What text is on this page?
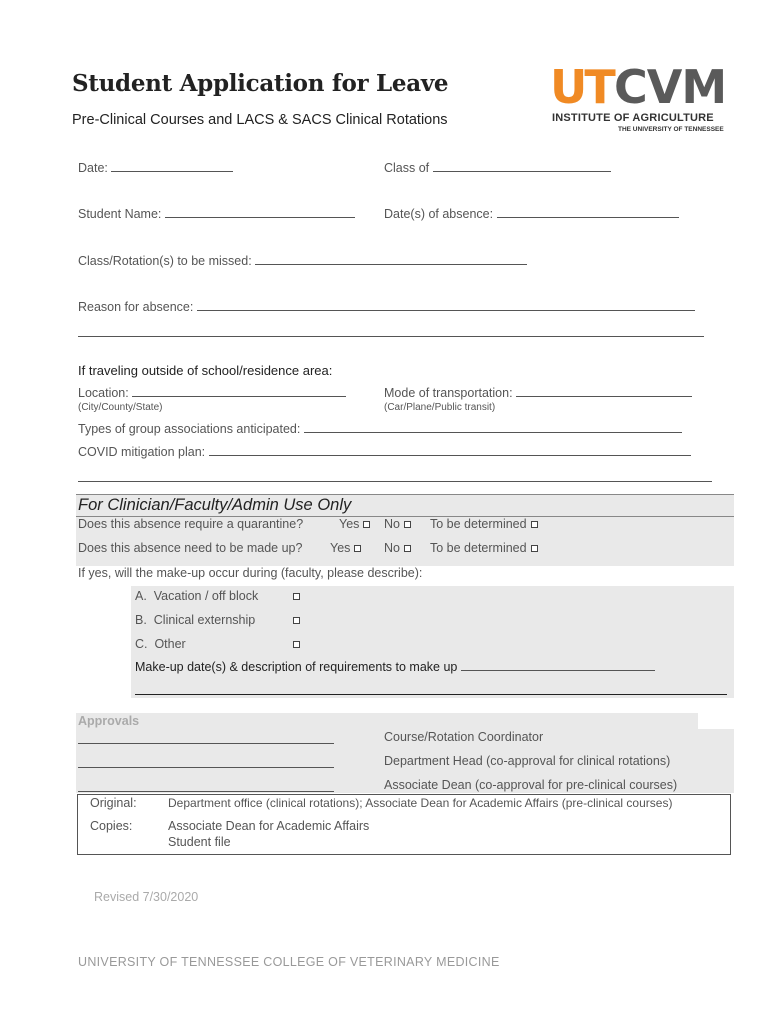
Student Application for Leave
Pre-Clinical Courses and LACS & SACS Clinical Rotations
UT CVM
INSTITUTE OF AGRICULTURE
THE UNIVERSITY OF TENNESSEE
Date:	Class of
Student Name:	Date(s) of absence:
Class/Rotation(s) to be missed:
Reason for absence:
If traveling outside of school/residence area:
Location:
(City/County/State)
Mode of transportation:
(Car/Plane/Public transit)
Types of group associations anticipated:
COVID mitigation plan:
For Clinician/Faculty/Admin Use Only
Does this absence require a quarantine?	Yes	No	To be determined
Does this absence need to be made up? Yes	No	To be determined
If yes, will the make-up occur during (faculty, please describe):
A. Vacation / off block
B. Clinical externship
C. Other
Make-up date(s) & description of requirements to make up
Approvals
Course/Rotation Coordinator
Department Head (co-approval for clinical rotations)
Associate Dean (co-approval for pre-clinical courses)
Original:	Department office (clinical rotations); Associate Dean for Academic Affairs (pre-clinical courses)
Copies:	Associate Dean for Academic Affairs
Student file
Revised 7/30/2020
UNIVERSITY OF TENNESSEE COLLEGE OF VETERINARY MEDICINE
